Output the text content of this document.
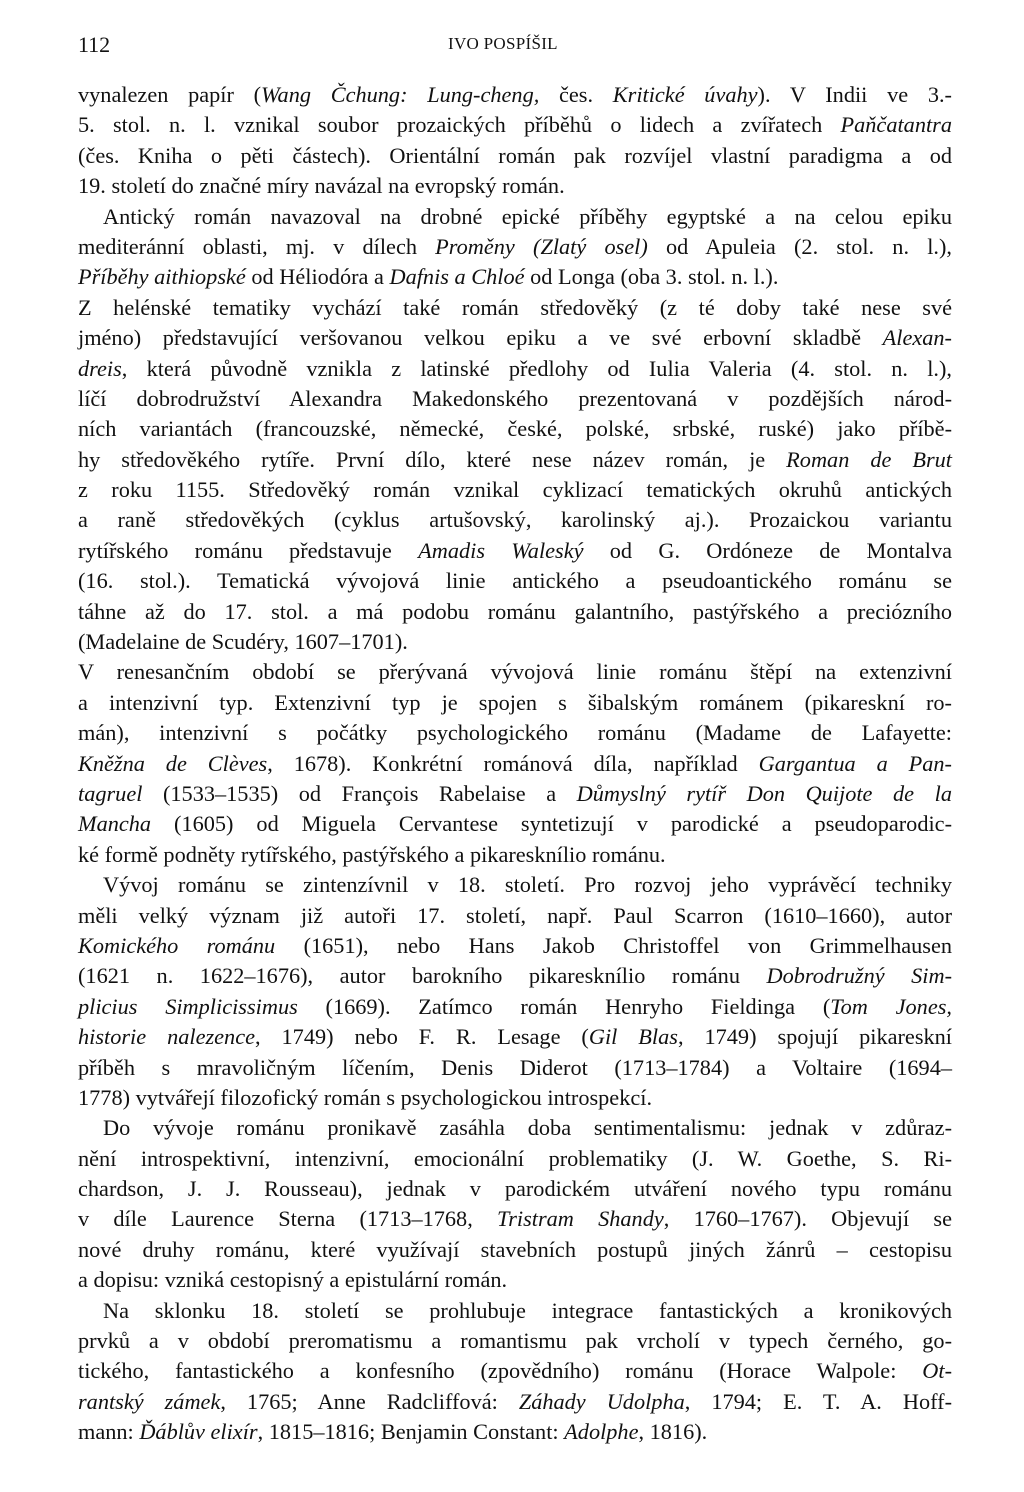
112	IVO POSPÍŠIL
vynalezen papír (Wang Čchung: Lung-cheng, čes. Kritické úvahy). V Indii ve 3.-
5. stol. n. l. vznikal soubor prozaických příběhů o lidech a zvířatech Paňčatantra
(čes. Kniha o pěti částech). Orientální román pak rozvíjel vlastní paradigma a od
19. století do značné míry navázal na evropský román.
Antický román navazoval na drobné epické příběhy egyptské a na celou epiku
mediteránní oblasti, mj. v dílech Proměny (Zlatý osel) od Apuleia (2. stol. n. l.),
Příběhy aithiopské od Héliodóra a Dafnis a Chloé od Longa (oba 3. stol. n. l.).
Z helénské tematiky vychází také román středověký (z té doby také nese své
jméno) představující veršovanou velkou epiku a ve své erbovní skladbě Alexan-
dreis, která původně vznikla z latinské předlohy od Iulia Valeria (4. stol. n. l.),
líčí dobrodružství Alexandra Makedonského prezentovaná v pozdějších národ-
ních variantách (francouzské, německé, české, polské, srbské, ruské) jako příbě-
hy středověkého rytíře. První dílo, které nese název román, je Roman de Brut
z roku 1155. Středověký román vznikal cyklizací tematických okruhů antických
a raně středověkých (cyklus artušovský, karolinský aj.). Prozaickou variantu
rytířského románu představuje Amadis Waleský od G. Ordóneze de Montalva
(16. stol.). Tematická vývojová linie antického a pseudoantického románu se
táhne až do 17. stol. a má podobu románu galantního, pastýřského a preciózního
(Madelaine de Scudéry, 1607–1701).
V renesančním období se přerývaná vývojová linie románu štěpí na extenzivní
a intenzivní typ. Extenzivní typ je spojen s šibalským románem (pikareskní ro-
mán), intenzivní s počátky psychologického románu (Madame de Lafayette:
Kněžna de Clèves, 1678). Konkrétní románová díla, například Gargantua a Pan-
tagruel (1533–1535) od François Rabelaise a Důmyslný rytíř Don Quijote de la
Mancha (1605) od Miguela Cervantese syntetizují v parodické a pseudoparodic-
ké formě podněty rytířského, pastýřského a pikaresknílio románu.
Vývoj románu se zintenzívnil v 18. století. Pro rozvoj jeho vyprávěcí techniky
měli velký význam již autoři 17. století, např. Paul Scarron (1610–1660), autor
Komického románu (1651), nebo Hans Jakob Christoffel von Grimmelhausen
(1621 n. 1622–1676), autor barokního pikaresknílio románu Dobrodružný Sim-
plicius Simplicissimus (1669). Zatímco román Henryho Fieldinga (Tom Jones,
historie nalezence, 1749) nebo F. R. Lesage (Gil Blas, 1749) spojují pikareskní
příběh s mravoličným líčením, Denis Diderot (1713–1784) a Voltaire (1694–
1778) vytvářejí filozofický román s psychologickou introspekcí.
Do vývoje románu pronikavě zasáhla doba sentimentalismu: jednak v zdůraz-
nění introspektivní, intenzivní, emocionální problematiky (J. W. Goethe, S. Ri-
chardson, J. J. Rousseau), jednak v parodickém utváření nového typu románu
v díle Laurence Sterna (1713–1768, Tristram Shandy, 1760–1767). Objevují se
nové druhy románu, které využívají stavebních postupů jiných žánrů – cestopisu
a dopisu: vzniká cestopisný a epistulární román.
Na sklonku 18. století se prohlubuje integrace fantastických a kronikových
prvků a v období preromatismu a romantismu pak vrcholí v typech černého, go-
tického, fantastického a konfesního (zpovědního) románu (Horace Walpole: Ot-
rantský zámek, 1765; Anne Radcliffová: Záhady Udolpha, 1794; E. T. A. Hoff-
mann: Ďáblův elixír, 1815–1816; Benjamin Constant: Adolphe, 1816).
